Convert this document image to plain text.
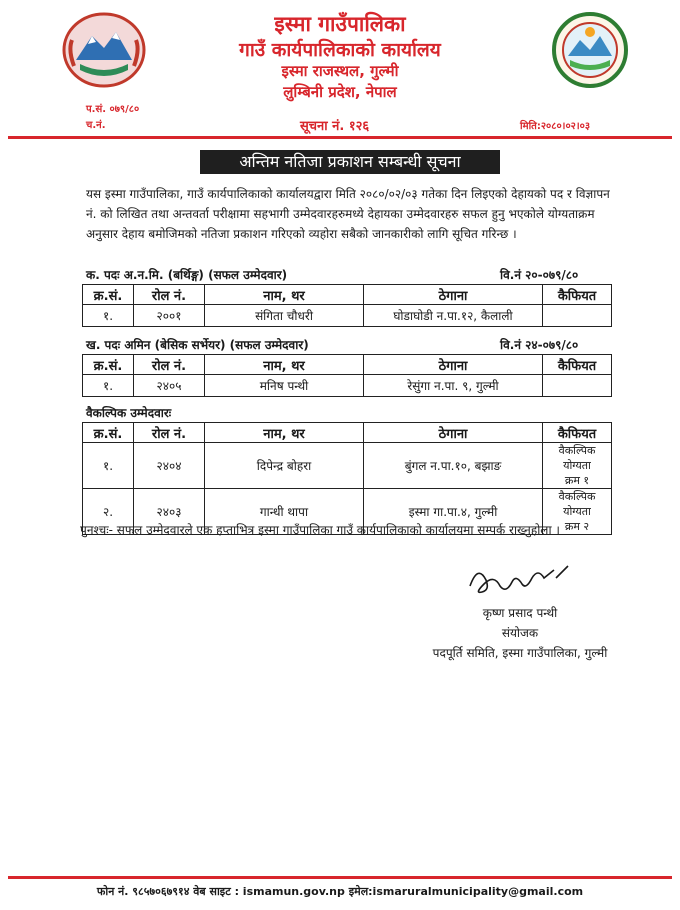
इस्मा गाउँपालिका
गाउँ कार्यपालिकाको कार्यालय
इस्मा राजस्थल, गुल्मी
लुम्बिनी प्रदेश, नेपाल
प.सं. ०७९/८०
च.नं.	सूचना नं. १२६	मिति:२०८०।०२।०३
अन्तिम नतिजा प्रकाशन सम्बन्धी सूचना
यस इस्मा गाउँपालिका, गाउँ कार्यपालिकाको कार्यालयद्वारा मिति २०८०/०२/०३ गतेका दिन लिइएको देहायको पद र विज्ञापन नं. को लिखित तथा अन्तवर्ता परीक्षामा सहभागी उम्मेदवारहरुमध्ये देहायका उम्मेदवारहरु सफल हुनु भएकोले योग्यताक्रम अनुसार देहाय बमोजिमको नतिजा प्रकाशन गरिएको व्यहोरा सबैको जानकारीको लागि सूचित गरिन्छ ।
क. पदः अ.न.मि. (बर्थिङ्ग) (सफल उम्मेदवार)	वि.नं २०-०७९/८०
क्र.सं.	रोल नं.	नाम, थर	ठेगाना	कैफियत
१.	२००१	संगिता चौधरी	घोडाघोडी न.पा.१२, कैलाली	
ख. पदः अमिन (बेसिक सर्भेयर) (सफल उम्मेदवार)	वि.नं २४-०७९/८०
क्र.सं.	रोल नं.	नाम, थर	ठेगाना	कैफियत
१.	२४०५	मनिष पन्थी	रेसुंगा न.पा. ९, गुल्मी	
वैकल्पिक उम्मेदवारः
क्र.सं.	रोल नं.	नाम, थर	ठेगाना	कैफियत
१.	२४०४	दिपेन्द्र बोहरा	बुंगल न.पा.१०, बझाङ	वैकल्पिक योग्यता
क्रम १

२.	२४०३	गान्धी थापा	इस्मा गा.पा.४, गुल्मी	वैकल्पिक योग्यता
क्रम २
पुनश्चः- सफल उम्मेदवारले एक हप्ताभित्र इस्मा गाउँपालिका गाउँ कार्यपालिकाको कार्यालयमा सम्पर्क राख्नुहोला ।
कृष्ण प्रसाद पन्थी
संयोजक
पदपूर्ति समिति, इस्मा गाउँपालिका, गुल्मी
फोन नं. ९८५७०६७९१४ वेब साइट : ismamun.gov.np इमेल:ismaruralmunicipality@gmail.com
